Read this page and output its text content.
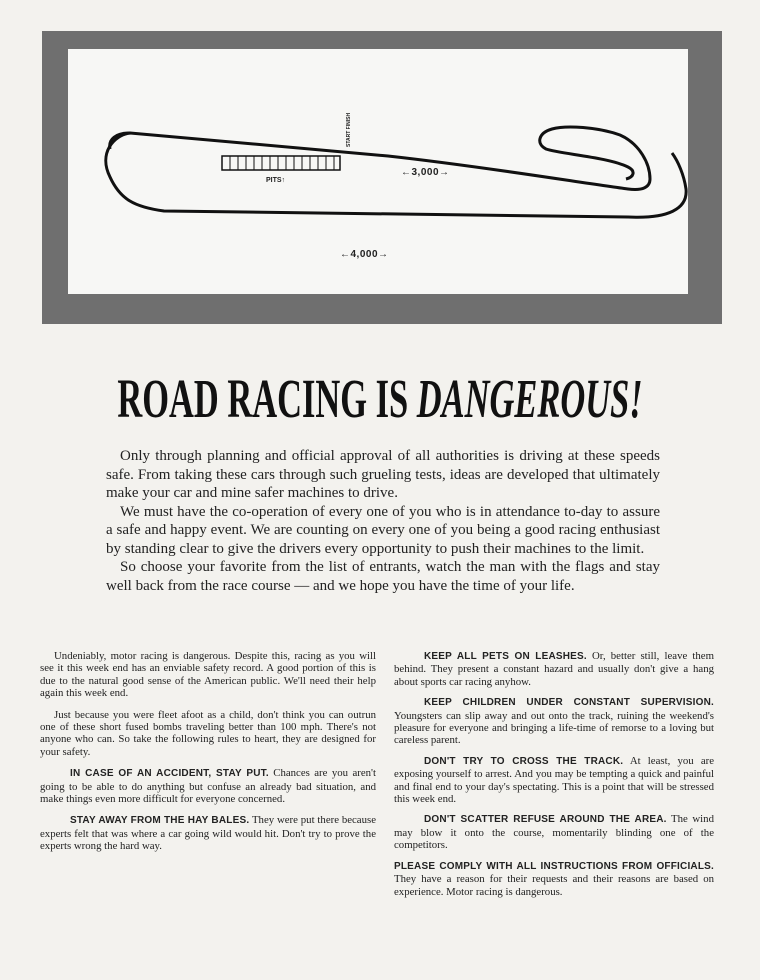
←3,000→
←4,000→
PITS↑
START FINISH
ROAD RACING IS DANGEROUS!

Only through planning and official approval of all authorities is driving at these speeds safe. From taking these cars through such grueling tests, ideas are developed that ultimately make your car and mine safer machines to drive.

We must have the co-operation of every one of you who is in attendance to-day to assure a safe and happy event. We are counting on every one of you being a good racing enthusiast by standing clear to give the drivers every opportunity to push their machines to the limit.

So choose your favorite from the list of entrants, watch the man with the flags and stay well back from the race course — and we hope you have the time of your life.

Undeniably, motor racing is dangerous. Despite this, racing as you will see it this week end has an enviable safety record. A good portion of this is due to the natural good sense of the American public. We'll need their help again this week end.

Just because you were fleet afoot as a child, don't think you can outrun one of these short fused bombs traveling better than 100 mph. There's not anyone who can. So take the following rules to heart, they are designed for your safety.

IN CASE OF AN ACCIDENT, STAY PUT. Chances are you aren't going to be able to do anything but confuse an already bad situation, and make things even more difficult for everyone concerned.

STAY AWAY FROM THE HAY BALES. They were put there because experts felt that was where a car going wild would hit. Don't try to prove the experts wrong the hard way.

KEEP ALL PETS ON LEASHES. Or, better still, leave them behind. They present a constant hazard and usually don't give a hang about sports car racing anyhow.

KEEP CHILDREN UNDER CONSTANT SUPERVISION. Youngsters can slip away and out onto the track, ruining the weekend's pleasure for everyone and bringing a life-time of remorse to a loving but careless parent.

DON'T TRY TO CROSS THE TRACK. At least, you are exposing yourself to arrest. And you may be tempting a quick and painful and final end to your day's spectating. This is a point that will be stressed this week end.

DON'T SCATTER REFUSE AROUND THE AREA. The wind may blow it onto the course, momentarily blinding one of the competitors.

PLEASE COMPLY WITH ALL INSTRUCTIONS FROM OFFICIALS. They have a reason for their requests and their reasons are based on experience. Motor racing is dangerous.
